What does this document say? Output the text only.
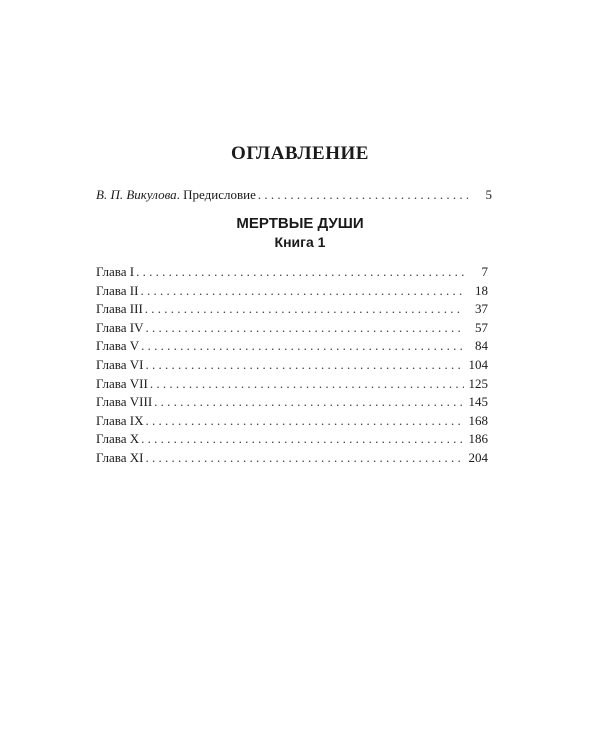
ОГЛАВЛЕНИЕ
В. П. Викулова. Предисловие . . .	5
МЕРТВЫЕ ДУШИ
Книга 1
Глава I . . .	7
Глава II . . .	18
Глава III . . .	37
Глава IV . . .	57
Глава V . . .	84
Глава VI . . .	104
Глава VII . . .	125
Глава VIII . . .	145
Глава IX . . .	168
Глава X . . .	186
Глава XI . . .	204
